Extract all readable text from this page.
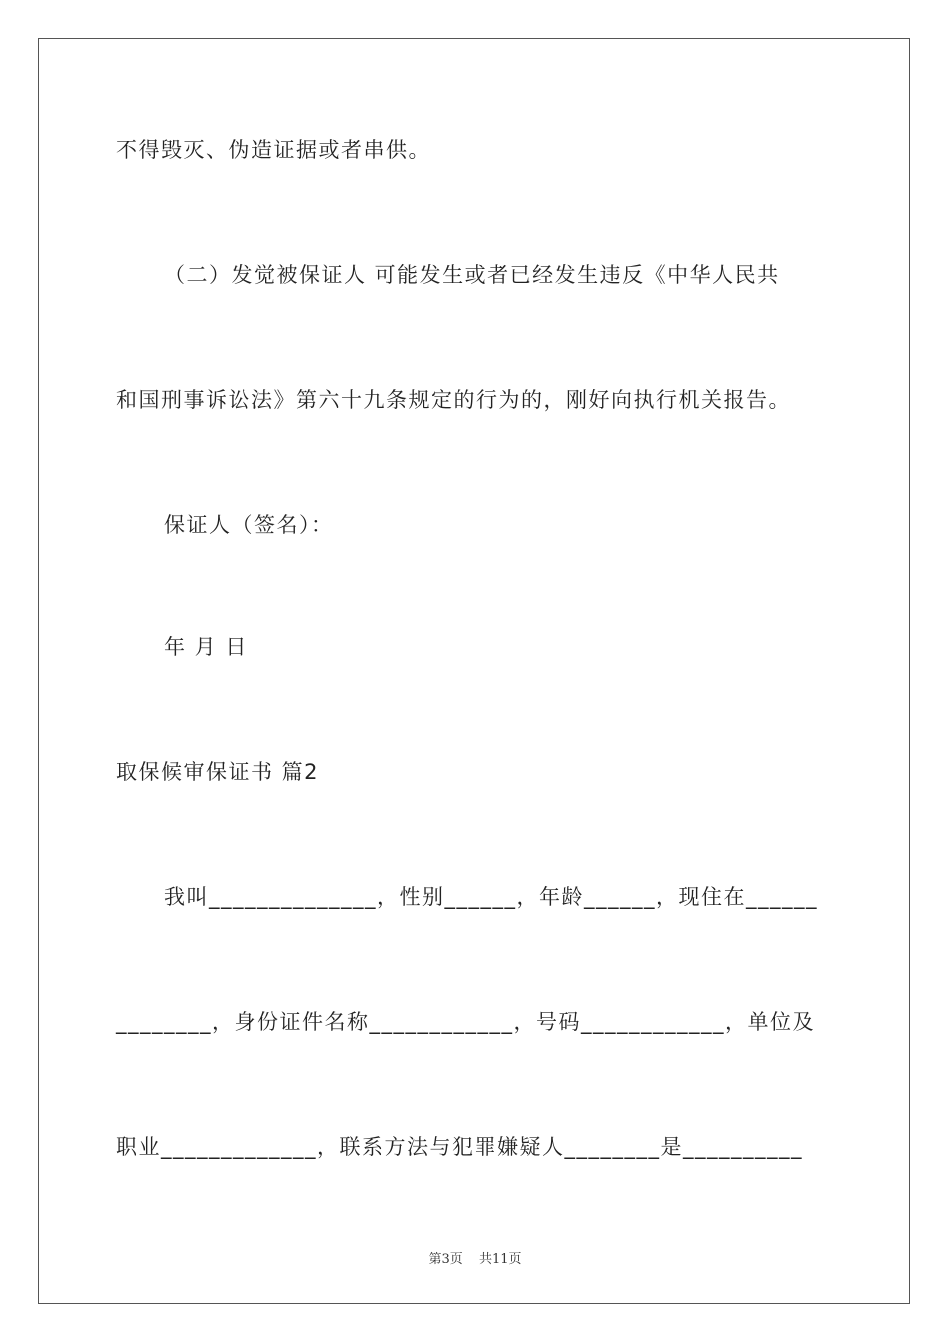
不得毁灭、伪造证据或者串供。
（二）发觉被保证人 可能发生或者已经发生违反《中华人民共
和国刑事诉讼法》第六十九条规定的行为的，刚好向执行机关报告。
保证人（签名）：
年 月 日
取保候审保证书 篇2
我叫______________，性别______，年龄______，现住在______
________，身份证件名称____________，号码____________，单位及
职业_____________，联系方法与犯罪嫌疑人________是__________
第3页 共11页
